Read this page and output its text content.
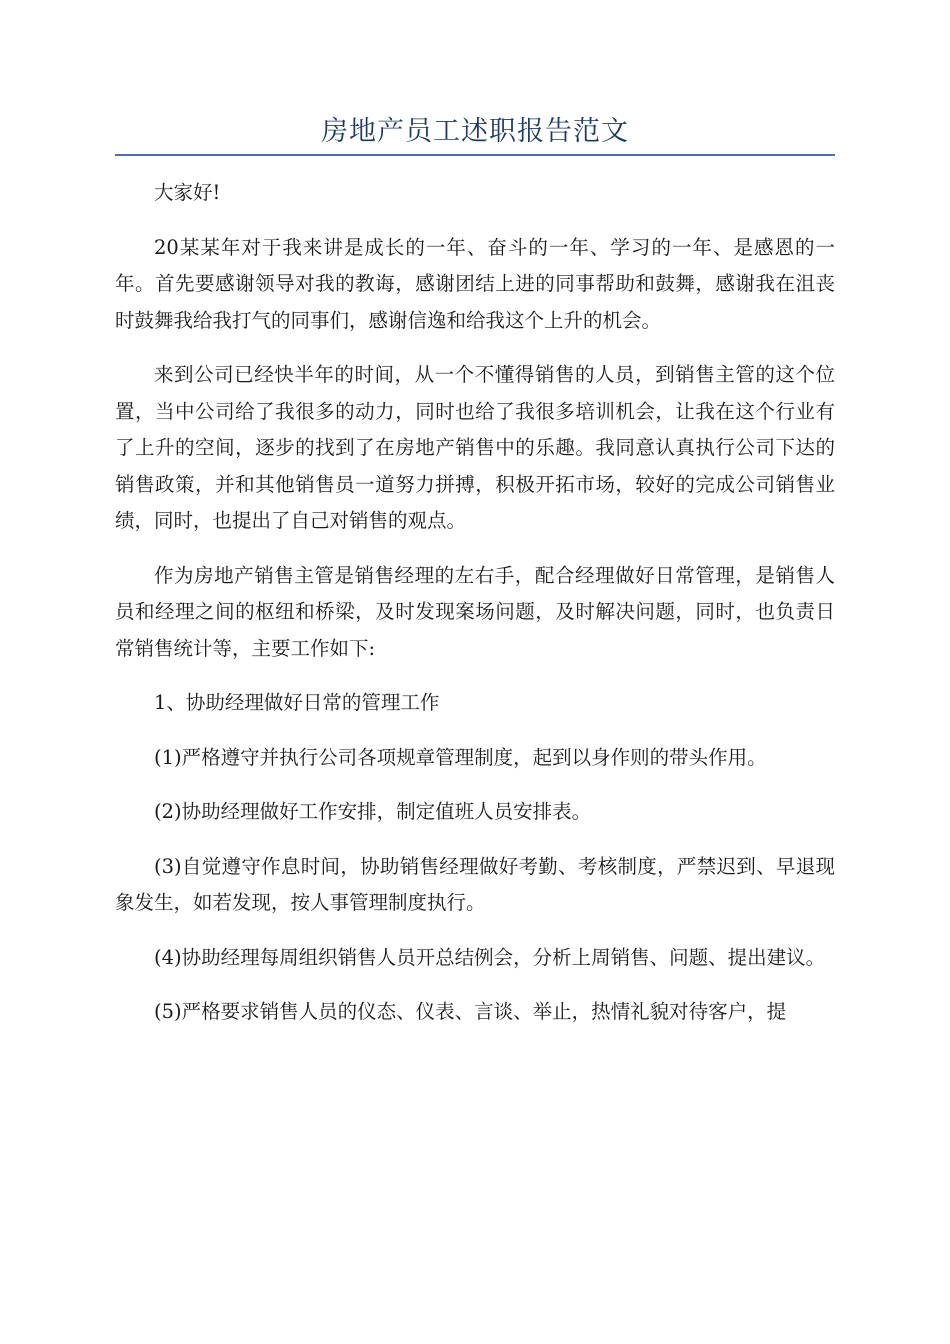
房地产员工述职报告范文

大家好!

20某某年对于我来讲是成长的一年、奋斗的一年、学习的一年、是感恩的一年。首先要感谢领导对我的教诲，感谢团结上进的同事帮助和鼓舞，感谢我在沮丧时鼓舞我给我打气的同事们，感谢信逸和给我这个上升的机会。

来到公司已经快半年的时间，从一个不懂得销售的人员，到销售主管的这个位置，当中公司给了我很多的动力，同时也给了我很多培训机会，让我在这个行业有了上升的空间，逐步的找到了在房地产销售中的乐趣。我同意认真执行公司下达的销售政策，并和其他销售员一道努力拼搏，积极开拓市场，较好的完成公司销售业绩，同时，也提出了自己对销售的观点。

作为房地产销售主管是销售经理的左右手，配合经理做好日常管理，是销售人员和经理之间的枢纽和桥梁，及时发现案场问题，及时解决问题，同时，也负责日常销售统计等，主要工作如下:

1、协助经理做好日常的管理工作

(1)严格遵守并执行公司各项规章管理制度，起到以身作则的带头作用。

(2)协助经理做好工作安排，制定值班人员安排表。

(3)自觉遵守作息时间，协助销售经理做好考勤、考核制度，严禁迟到、早退现象发生，如若发现，按人事管理制度执行。

(4)协助经理每周组织销售人员开总结例会，分析上周销售、问题、提出建议。

(5)严格要求销售人员的仪态、仪表、言谈、举止，热情礼貌对待客户，提
